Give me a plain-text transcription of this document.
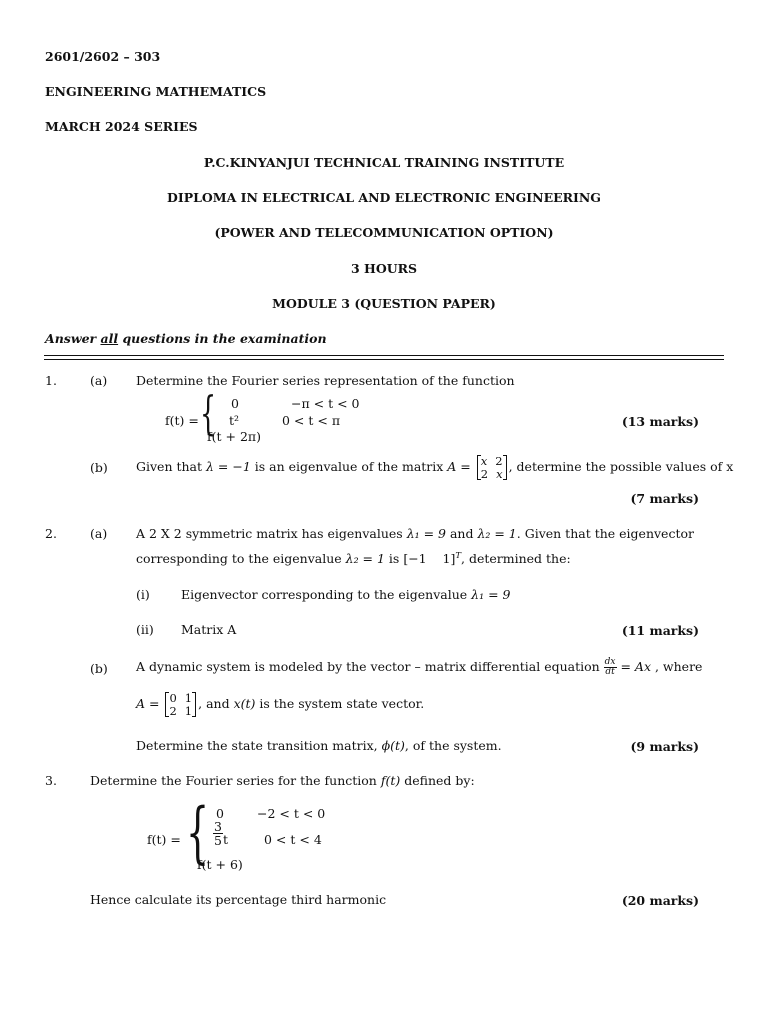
2601/2602 – 303
ENGINEERING MATHEMATICS
MARCH 2024 SERIES
P.C.KINYANJUI TECHNICAL TRAINING INSTITUTE
DIPLOMA IN ELECTRICAL AND ELECTRONIC ENGINEERING
(POWER AND TELECOMMUNICATION OPTION)
3 HOURS
MODULE 3 (QUESTION PAPER)
Answer all questions in the examination
1.	(a) Determine the Fourier series representation of the function
f(t) = { 0	−π < t < 0
t²	0 < t < π
f(t + 2π)
(13 marks)
(b) Given that λ = −1 is an eigenvalue of the matrix A = x 2
2 x , determine the possible values of x
(7 marks)
2.	(a) A 2 X 2 symmetric matrix has eigenvalues λ₁ = 9 and λ₂ = 1. Given that the eigenvector
corresponding to the eigenvalue λ₂ = 1 is [−1    1]$^T$, determined the:
(i) Eigenvector corresponding to the eigenvalue λ₁ = 9
(ii) Matrix A	(11 marks)
(b) A dynamic system is modeled by the vector – matrix differential equation $\frac{dx}{dt} = Ax$ , where
A = 0 1
2 1 , and x(t) is the system state vector.
Determine the state transition matrix, ϕ(t), of the system.	(9 marks)
3.	Determine the Fourier series for the function f(t) defined by:
f(t) = { 0	−2 < t < 0
$\frac{3}{5}$ t	0 < t < 4
f(t + 6)
Hence calculate its percentage third harmonic	(20 marks)
